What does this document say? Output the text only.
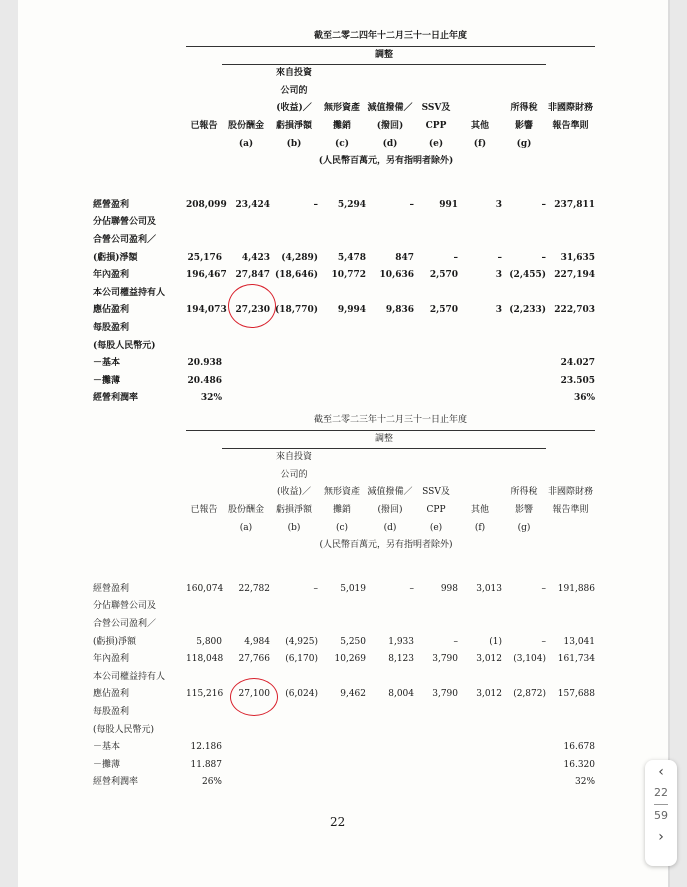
	截至二零二四年十二月三十一日止年度								
		調整							
			來自投資						
			公司的						
			(收益)／	無形資產	減值撥備／	SSV及		所得稅	非國際財務
	已報告	股份酬金	虧損淨額	攤銷	(撥回)	CPP	其他	影響	報告準則
		(a)	(b)	(c)	(d)	(e)	(f)	(g)	
			(人民幣百萬元，另有指明者除外)						

經營盈利	208,099	23,424	–	5,294	–	991	3	–	237,811
分佔聯營公司及									
合營公司盈利／									
(虧損)淨額	25,176	4,423	(4,289)	5,478	847	–	–	–	31,635
年內盈利	196,467	27,847	(18,646)	10,772	10,636	2,570	3	(2,455)	227,194
本公司權益持有人									
應佔盈利	194,073	27,230	(18,770)	9,994	9,836	2,570	3	(2,233)	222,703
每股盈利									
(每股人民幣元)									
－基本	20.938								24.027
－攤薄	20.486								23.505
經營利潤率	32%								36%
	截至二零二三年十二月三十一日止年度								
		調整							
			來自投資						
			公司的						
			(收益)／	無形資產	減值撥備／	SSV及		所得稅	非國際財務
	已報告	股份酬金	虧損淨額	攤銷	(撥回)	CPP	其他	影響	報告準則
		(a)	(b)	(c)	(d)	(e)	(f)	(g)	
			(人民幣百萬元，另有指明者除外)						

經營盈利	160,074	22,782	–	5,019	–	998	3,013	–	191,886
分佔聯營公司及									
合營公司盈利／									
(虧損)淨額	5,800	4,984	(4,925)	5,250	1,933	–	(1)	–	13,041
年內盈利	118,048	27,766	(6,170)	10,269	8,123	3,790	3,012	(3,104)	161,734
本公司權益持有人									
應佔盈利	115,216	27,100	(6,024)	9,462	8,004	3,790	3,012	(2,872)	157,688
每股盈利									
(每股人民幣元)									
－基本	12.186								16.678
－攤薄	11.887								16.320
經營利潤率	26%								32%
22
‹
22
59
›
